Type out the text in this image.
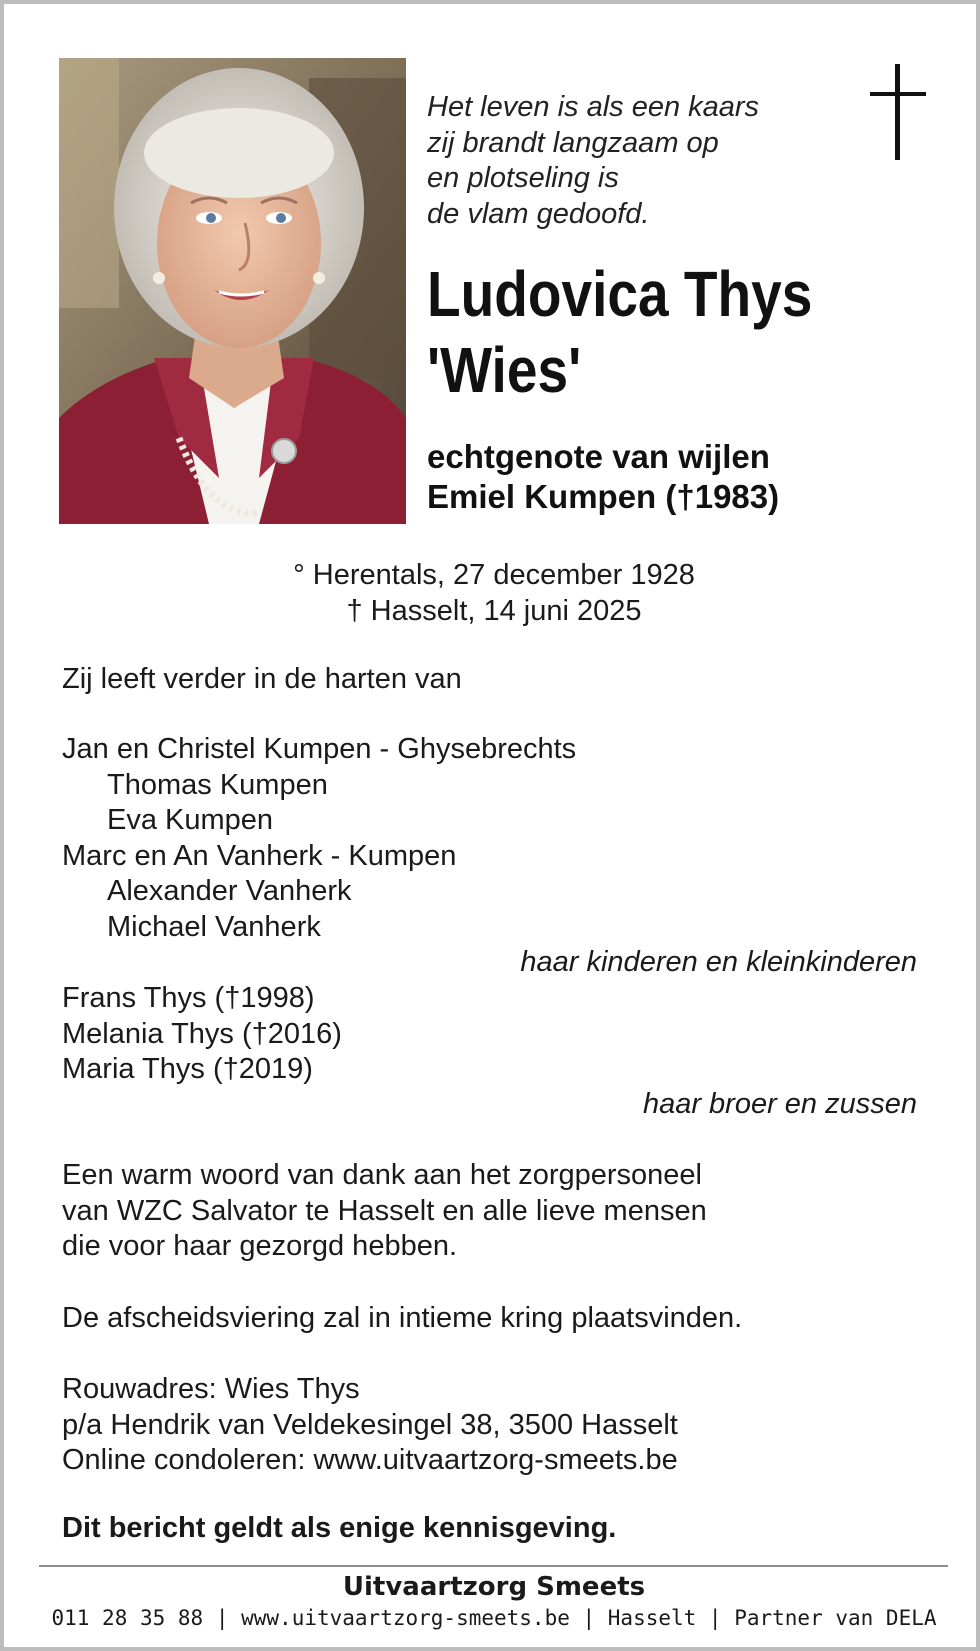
Het leven is als een kaars
zij brandt langzaam op
en plotseling is
de vlam gedoofd.
Ludovica Thys
'Wies'
echtgenote van wijlen
Emiel Kumpen (†1983)
° Herentals, 27 december 1928
† Hasselt, 14 juni 2025
Zij leeft verder in de harten van
Jan en Christel Kumpen - Ghysebrechts
Thomas Kumpen
Eva Kumpen
Marc en An Vanherk - Kumpen
Alexander Vanherk
Michael Vanherk
haar kinderen en kleinkinderen
Frans Thys (†1998)
Melania Thys (†2016)
Maria Thys (†2019)
haar broer en zussen
Een warm woord van dank aan het zorgpersoneel
van WZC Salvator te Hasselt en alle lieve mensen
die voor haar gezorgd hebben.
De afscheidsviering zal in intieme kring plaatsvinden.
Rouwadres: Wies Thys
p/a Hendrik van Veldekesingel 38, 3500 Hasselt
Online condoleren: www.uitvaartzorg-smeets.be
Dit bericht geldt als enige kennisgeving.
Uitvaartzorg Smeets
011 28 35 88 | www.uitvaartzorg-smeets.be | Hasselt | Partner van DELA
